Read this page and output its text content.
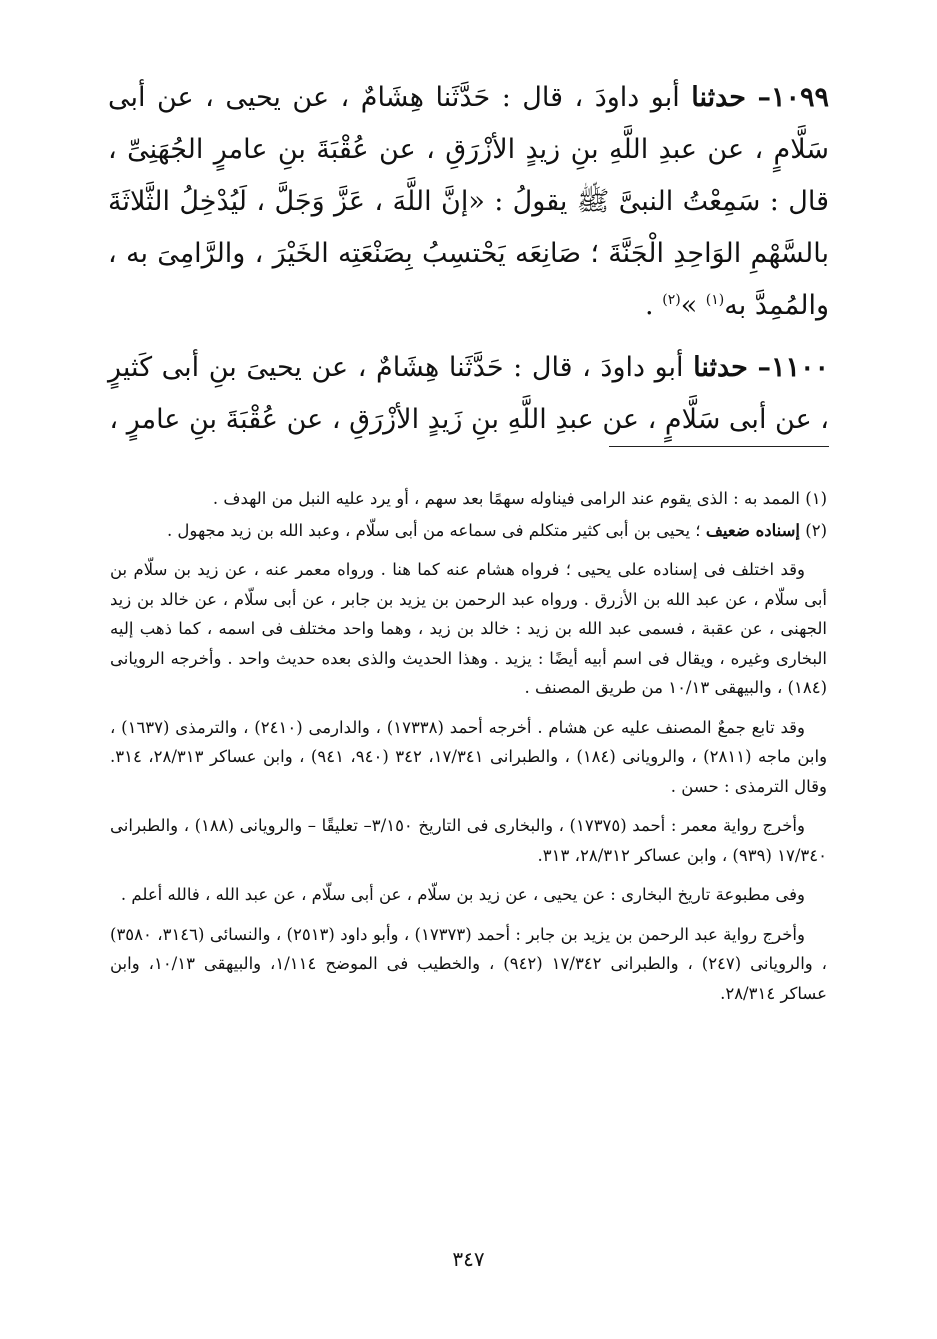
١٠٩٩– حدثنا أبو داودَ ، قال : حَدَّثَنا هِشَامٌ ، عن يحيى ، عن أبى سَلَّامٍ ، عن عبدِ اللَّهِ بنِ زيدٍ الأزْرَقِ ، عن عُقْبَةَ بنِ عامرٍ الجُهَنِىِّ ، قال : سَمِعْتُ النبىَّ ﷺ يقولُ : «إنَّ اللَّهَ ، عَزَّ وَجَلَّ ، لَيُدْخِلُ الثَّلاثَةَ بالسَّهْمِ الوَاحِدِ الْجَنَّةَ ؛ صَانِعَه يَحْتسِبُ بِصَنْعَتِه الخَيْرَ ، والرَّامِىَ به ، والمُمِدَّ به$^{(١)}$ »$^{(٢)}$ .

١١٠٠– حدثنا أبو داودَ ، قال : حَدَّثَنا هِشَامٌ ، عن يحيىَ بنِ أبى كَثيرٍ ، عن أبى سَلَّامٍ ، عن عبدِ اللَّهِ بنِ زَيدٍ الأزْرَقِ ، عن عُقْبَةَ بنِ عامرٍ ،

(١) الممد به : الذى يقوم عند الرامى فيناوله سهمًا بعد سهم ، أو يرد عليه النبل من الهدف .

(٢) إسناده ضعيف ؛ يحيى بن أبى كثير متكلم فى سماعه من أبى سلّام ، وعبد الله بن زيد مجهول .

وقد اختلف فى إسناده على يحيى ؛ فرواه هشام عنه كما هنا . ورواه معمر عنه ، عن زيد بن سلّام بن أبى سلّام ، عن عبد الله بن الأزرق . ورواه عبد الرحمن بن يزيد بن جابر ، عن أبى سلّام ، عن خالد بن زيد الجهنى ، عن عقبة ، فسمى عبد الله بن زيد : خالد بن زيد ، وهما واحد مختلف فى اسمه ، كما ذهب إليه البخارى وغيره ، ويقال فى اسم أبيه أيضًا : يزيد . وهذا الحديث والذى بعده حديث واحد . وأخرجه الرويانى (١٨٤) ، والبيهقى ١٠/١٣ من طريق المصنف .

وقد تابع جمعٌ المصنف عليه عن هشام . أخرجه أحمد (١٧٣٣٨) ، والدارمى (٢٤١٠) ، والترمذى (١٦٣٧) ، وابن ماجه (٢٨١١) ، والرويانى (١٨٤) ، والطبرانى ١٧/٣٤١، ٣٤٢ (٩٤٠، ٩٤١) ، وابن عساكر ٢٨/٣١٣، ٣١٤. وقال الترمذى : حسن .

وأخرج رواية معمر : أحمد (١٧٣٧٥) ، والبخارى فى التاريخ ٣/١٥٠– تعليقًا – والرويانى (١٨٨) ، والطبرانى ١٧/٣٤٠ (٩٣٩) ، وابن عساكر ٢٨/٣١٢، ٣١٣.

وفى مطبوعة تاريخ البخارى : عن يحيى ، عن زيد بن سلّام ، عن أبى سلّام ، عن عبد الله ، فالله أعلم .

وأخرج رواية عبد الرحمن بن يزيد بن جابر : أحمد (١٧٣٧٣) ، وأبو داود (٢٥١٣) ، والنسائى (٣١٤٦، ٣٥٨٠) ، والرويانى (٢٤٧) ، والطبرانى ١٧/٣٤٢ (٩٤٢) ، والخطيب فى الموضح ١/١١٤، والبيهقى ١٠/١٣، وابن عساكر ٢٨/٣١٤.

٣٤٧
